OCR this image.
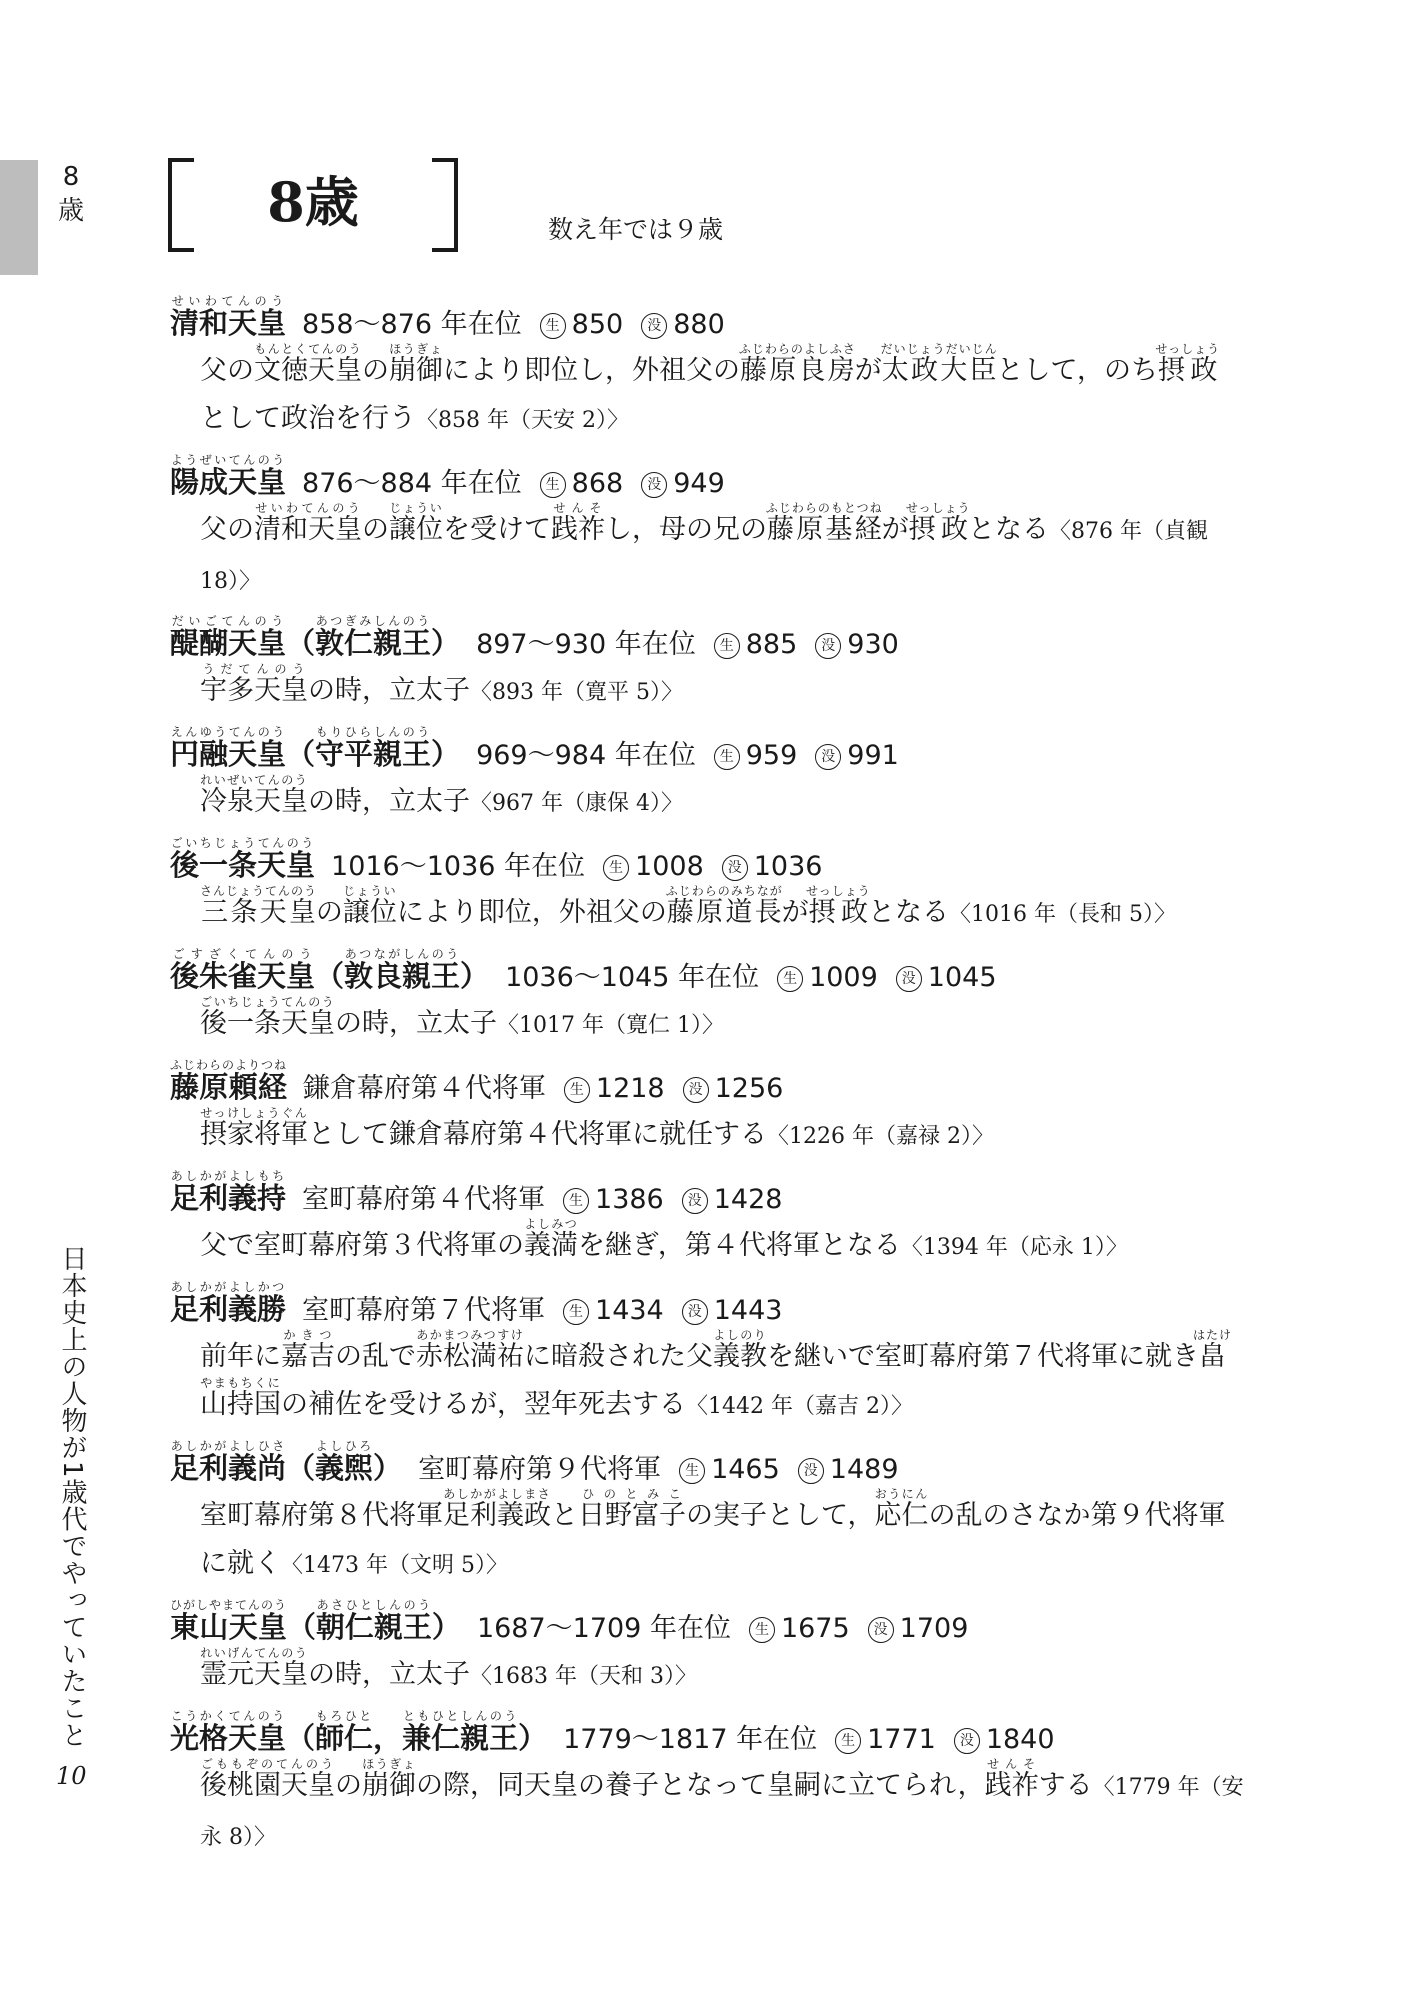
8
歳
日本史上の人物が1歳代でやっていたこと
10
8歳	数え年では９歳
清和天皇せいわてんのう858～876 年在位 生 850 没 880
父の文徳天皇もんとくてんのうの崩御ほうぎょにより即位し，外祖父の藤原良房ふじわらのよしふさが太政大臣だいじょうだいじんとして，のち摂政せっしょうとして政治を行う〈858 年（天安 2）〉
陽成天皇ようぜいてんのう876～884 年在位 生 868 没 949
父の清和天皇せいわてんのうの譲位じょういを受けて践祚せんそし，母の兄の藤原基経ふじわらのもとつねが摂政せっしょうとなる〈876 年（貞観 18）〉
醍醐天皇だいごてんのう（敦仁親王あつぎみしんのう） 897～930 年在位 生 885 没 930
宇多天皇うだてんのうの時，立太子〈893 年（寛平 5）〉
円融天皇えんゆうてんのう（守平親王もりひらしんのう） 969～984 年在位 生 959 没 991
冷泉天皇れいぜいてんのうの時，立太子〈967 年（康保 4）〉
後一条天皇ごいちじょうてんのう1016～1036 年在位 生 1008 没 1036
三条天皇さんじょうてんのうの譲位じょういにより即位，外祖父の藤原道長ふじわらのみちながが摂政せっしょうとなる〈1016 年（長和 5）〉
後朱雀天皇ごすざくてんのう（敦良親王あつながしんのう） 1036～1045 年在位 生 1009 没 1045
後一条天皇ごいちじょうてんのうの時，立太子〈1017 年（寛仁 1）〉
藤原頼経ふじわらのよりつね鎌倉幕府第４代将軍 生 1218 没 1256
摂家将軍せっけしょうぐんとして鎌倉幕府第４代将軍に就任する〈1226 年（嘉禄 2）〉
足利義持あしかがよしもち室町幕府第４代将軍 生 1386 没 1428
父で室町幕府第３代将軍の義満よしみつを継ぎ，第４代将軍となる〈1394 年（応永 1）〉
足利義勝あしかがよしかつ室町幕府第７代将軍 生 1434 没 1443
前年に嘉吉かきつの乱で赤松満祐あかまつみつすけに暗殺された父義教よしのりを継いで室町幕府第７代将軍に就き畠山持国はたけやまもちくにの補佐を受けるが，翌年死去する〈1442 年（嘉吉 2）〉
足利義尚あしかがよしひさ（義煕よしひろ） 室町幕府第９代将軍 生 1465 没 1489
室町幕府第８代将軍足利義政あしかがよしまさと日野富子ひのとみこの実子として，応仁おうにんの乱のさなか第９代将軍に就く〈1473 年（文明 5）〉
東山天皇ひがしやまてんのう（朝仁親王あさひとしんのう） 1687～1709 年在位 生 1675 没 1709
霊元天皇れいげんてんのうの時，立太子〈1683 年（天和 3）〉
光格天皇こうかくてんのう（師仁もろひと，兼仁親王ともひとしんのう） 1779～1817 年在位 生 1771 没 1840
後桃園天皇ごももぞのてんのうの崩御ほうぎょの際，同天皇の養子となって皇嗣に立てられ，践祚せんそする〈1779 年（安永 8）〉
